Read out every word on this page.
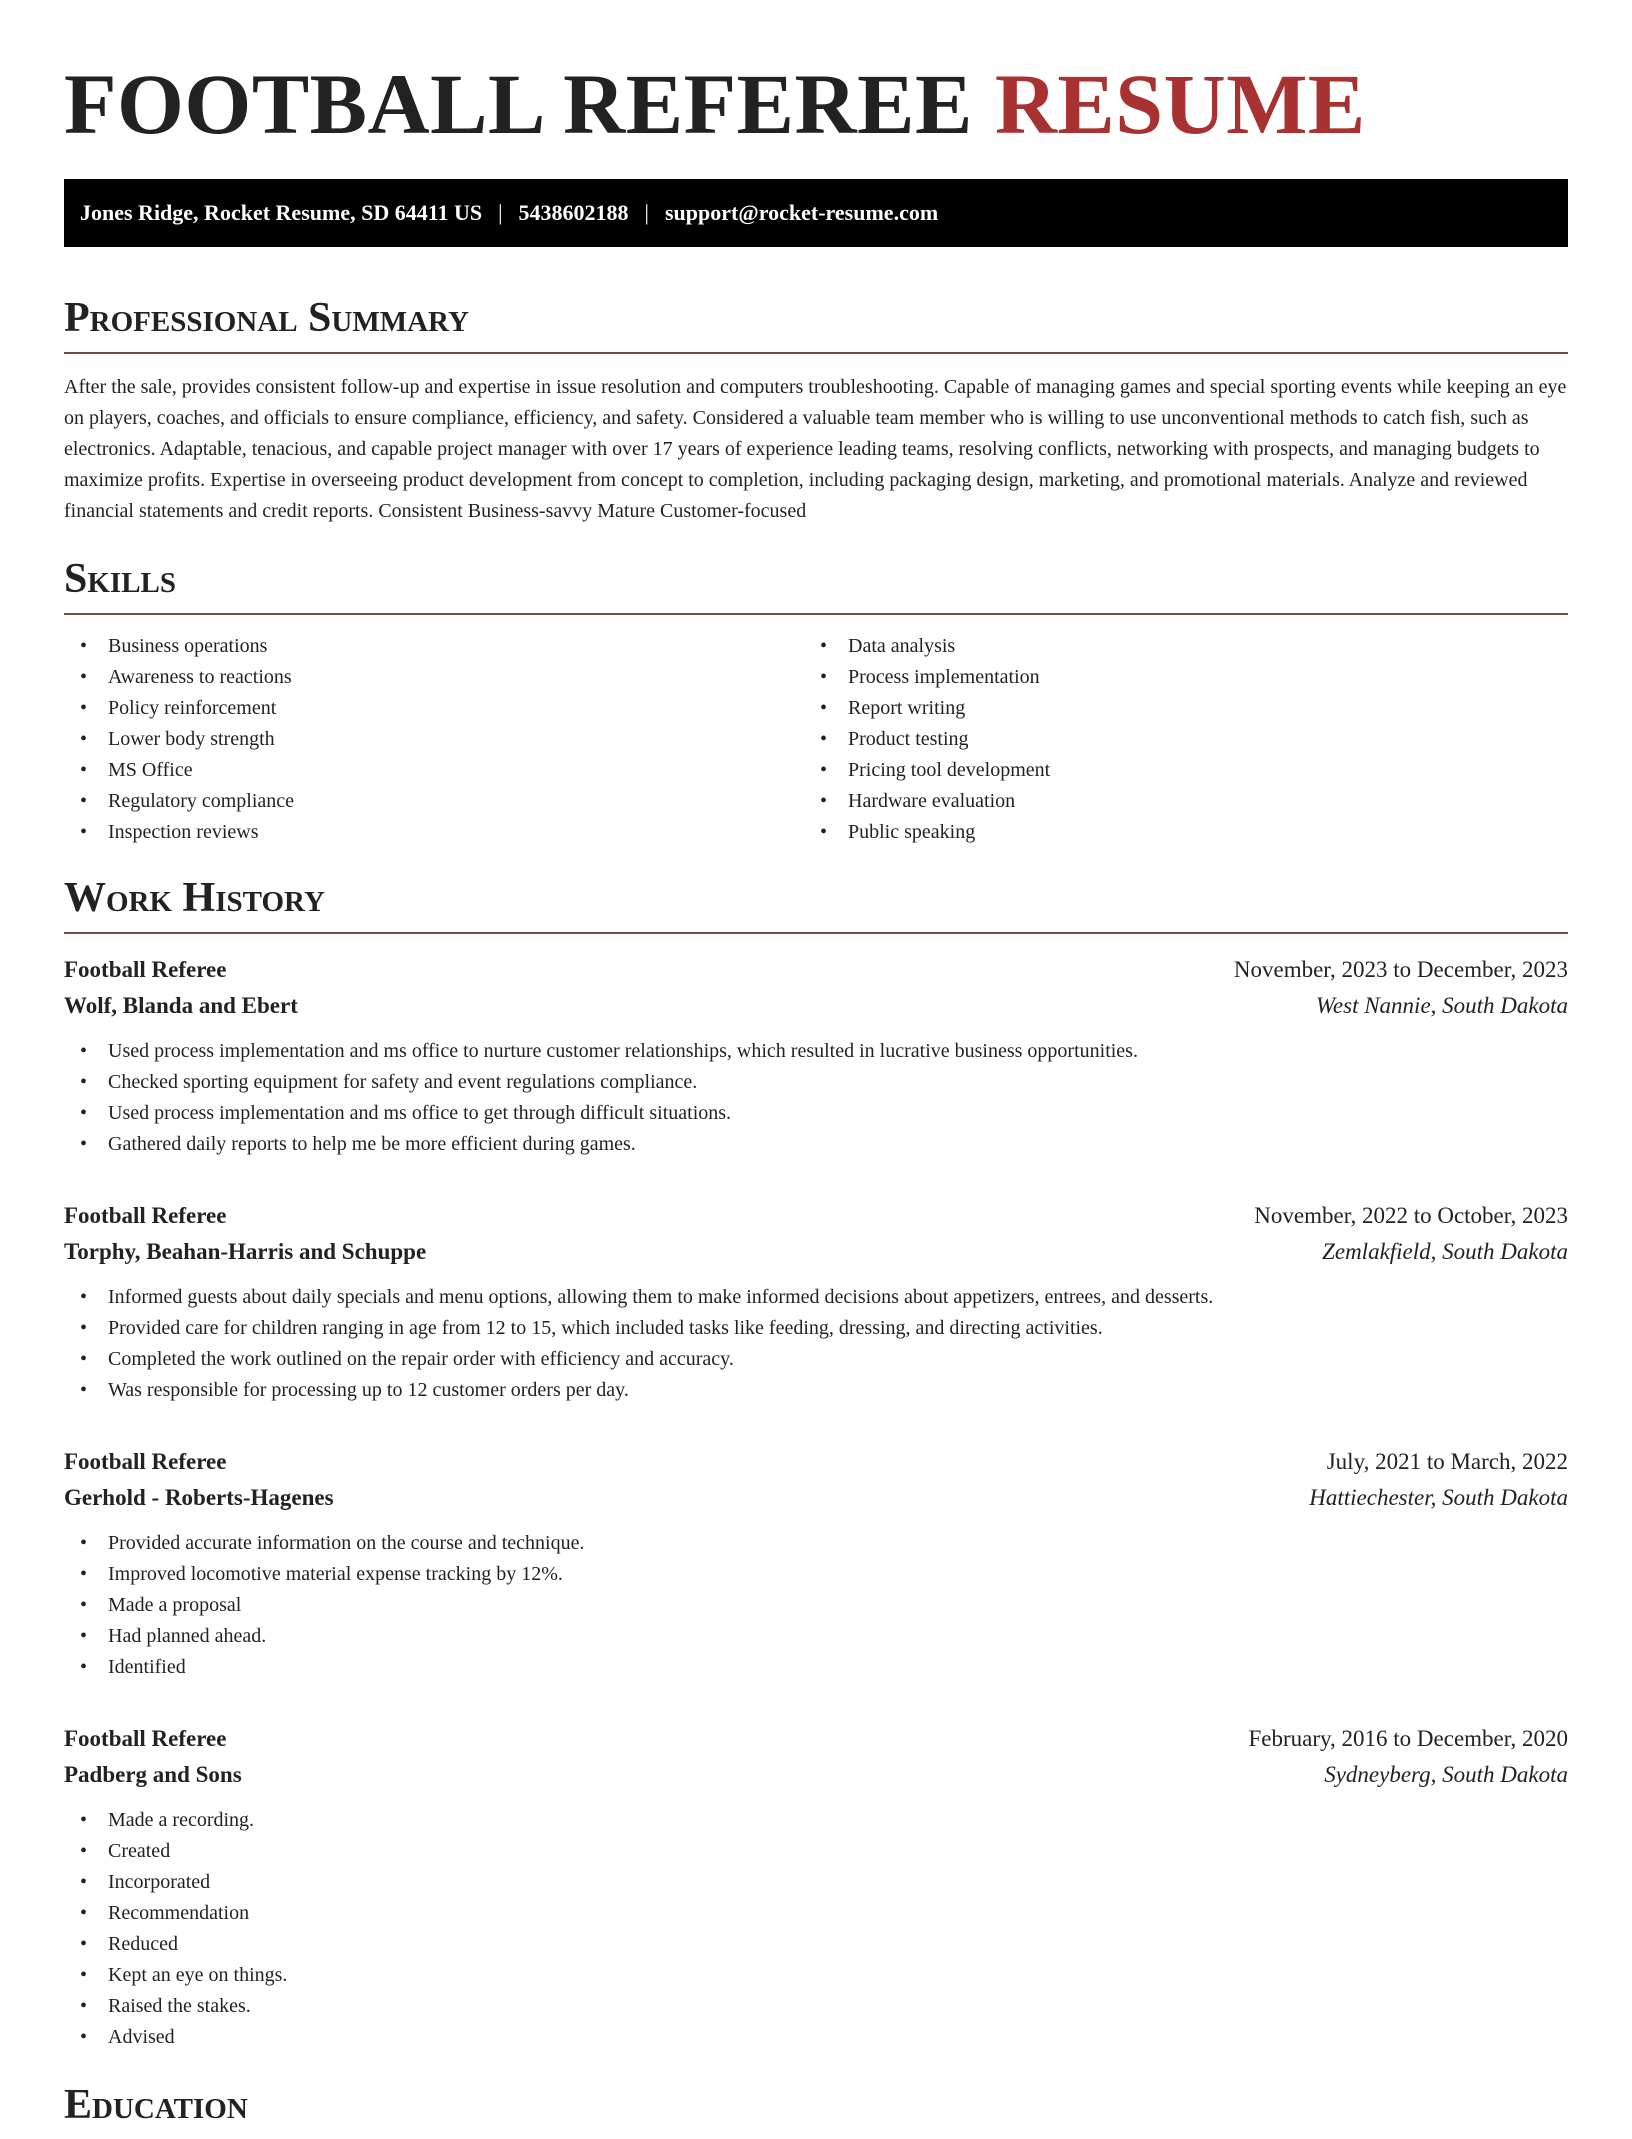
FOOTBALL REFEREE RESUME
Jones Ridge, Rocket Resume, SD 64411 US | 5438602188 | support@rocket-resume.com
Professional Summary

After the sale, provides consistent follow-up and expertise in issue resolution and computers troubleshooting. Capable of managing games and special sporting events while keeping an eye on players, coaches, and officials to ensure compliance, efficiency, and safety. Considered a valuable team member who is willing to use unconventional methods to catch fish, such as electronics. Adaptable, tenacious, and capable project manager with over 17 years of experience leading teams, resolving conflicts, networking with prospects, and managing budgets to maximize profits. Expertise in overseeing product development from concept to completion, including packaging design, marketing, and promotional materials. Analyze and reviewed financial statements and credit reports. Consistent Business-savvy Mature Customer-focused

Skills
• Business operations
• Awareness to reactions
• Policy reinforcement
• Lower body strength
• MS Office
• Regulatory compliance
• Inspection reviews
• Data analysis
• Process implementation
• Report writing
• Product testing
• Pricing tool development
• Hardware evaluation
• Public speaking
Work History
Football Referee	November, 2023 to December, 2023
Wolf, Blanda and Ebert	West Nannie, South Dakota
• Used process implementation and ms office to nurture customer relationships, which resulted in lucrative business opportunities.
• Checked sporting equipment for safety and event regulations compliance.
• Used process implementation and ms office to get through difficult situations.
• Gathered daily reports to help me be more efficient during games.
Football Referee	November, 2022 to October, 2023
Torphy, Beahan-Harris and Schuppe	Zemlakfield, South Dakota
• Informed guests about daily specials and menu options, allowing them to make informed decisions about appetizers, entrees, and desserts.
• Provided care for children ranging in age from 12 to 15, which included tasks like feeding, dressing, and directing activities.
• Completed the work outlined on the repair order with efficiency and accuracy.
• Was responsible for processing up to 12 customer orders per day.
Football Referee	July, 2021 to March, 2022
Gerhold - Roberts-Hagenes	Hattiechester, South Dakota
• Provided accurate information on the course and technique.
• Improved locomotive material expense tracking by 12%.
• Made a proposal
• Had planned ahead.
• Identified
Football Referee	February, 2016 to December, 2020
Padberg and Sons	Sydneyberg, South Dakota
• Made a recording.
• Created
• Incorporated
• Recommendation
• Reduced
• Kept an eye on things.
• Raised the stakes.
• Advised
Education
